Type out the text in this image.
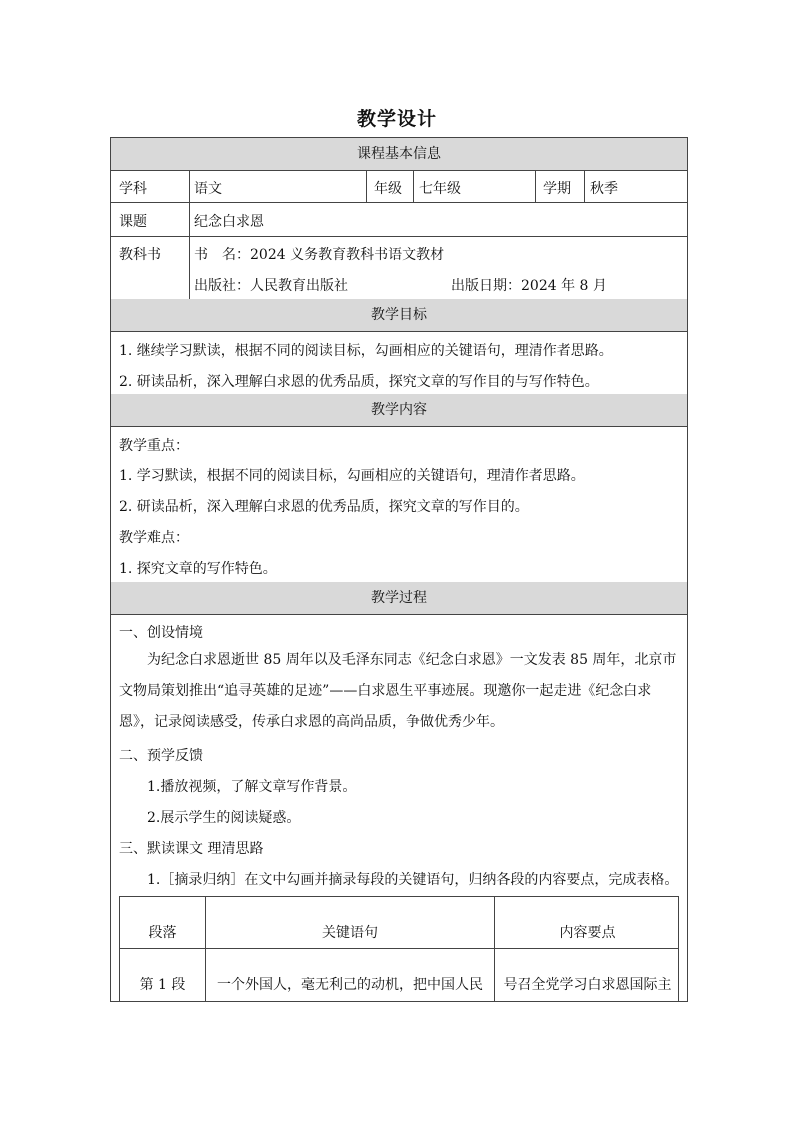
教学设计
课程基本信息
学科	语文	年级 七年级	学期 秋季
课题	纪念白求恩
教科书 书　名：2024 义务教育教科书语文教材
出版社：人民教育出版社	出版日期：2024 年 8 月
教学目标
1. 继续学习默读，根据不同的阅读目标，勾画相应的关键语句，理清作者思路。
2. 研读品析，深入理解白求恩的优秀品质，探究文章的写作目的与写作特色。
教学内容
教学重点：
1. 学习默读，根据不同的阅读目标，勾画相应的关键语句，理清作者思路。
2. 研读品析，深入理解白求恩的优秀品质，探究文章的写作目的。
教学难点：
1. 探究文章的写作特色。
教学过程
一、创设情境
为纪念白求恩逝世 85 周年以及毛泽东同志《纪念白求恩》一文发表 85 周年，北京市文物局策划推出“追寻英雄的足迹”——白求恩生平事迹展。现邀你一起走进《纪念白求恩》，记录阅读感受，传承白求恩的高尚品质，争做优秀少年。
二、预学反馈
1.播放视频，了解文章写作背景。
2.展示学生的阅读疑惑。
三、默读课文 理清思路
1.［摘录归纳］在文中勾画并摘录每段的关键语句，归纳各段的内容要点，完成表格。
段落	关键语句	内容要点
第 1 段	一个外国人，毫无利己的动机，把中国人民	号召全党学习白求恩国际主
